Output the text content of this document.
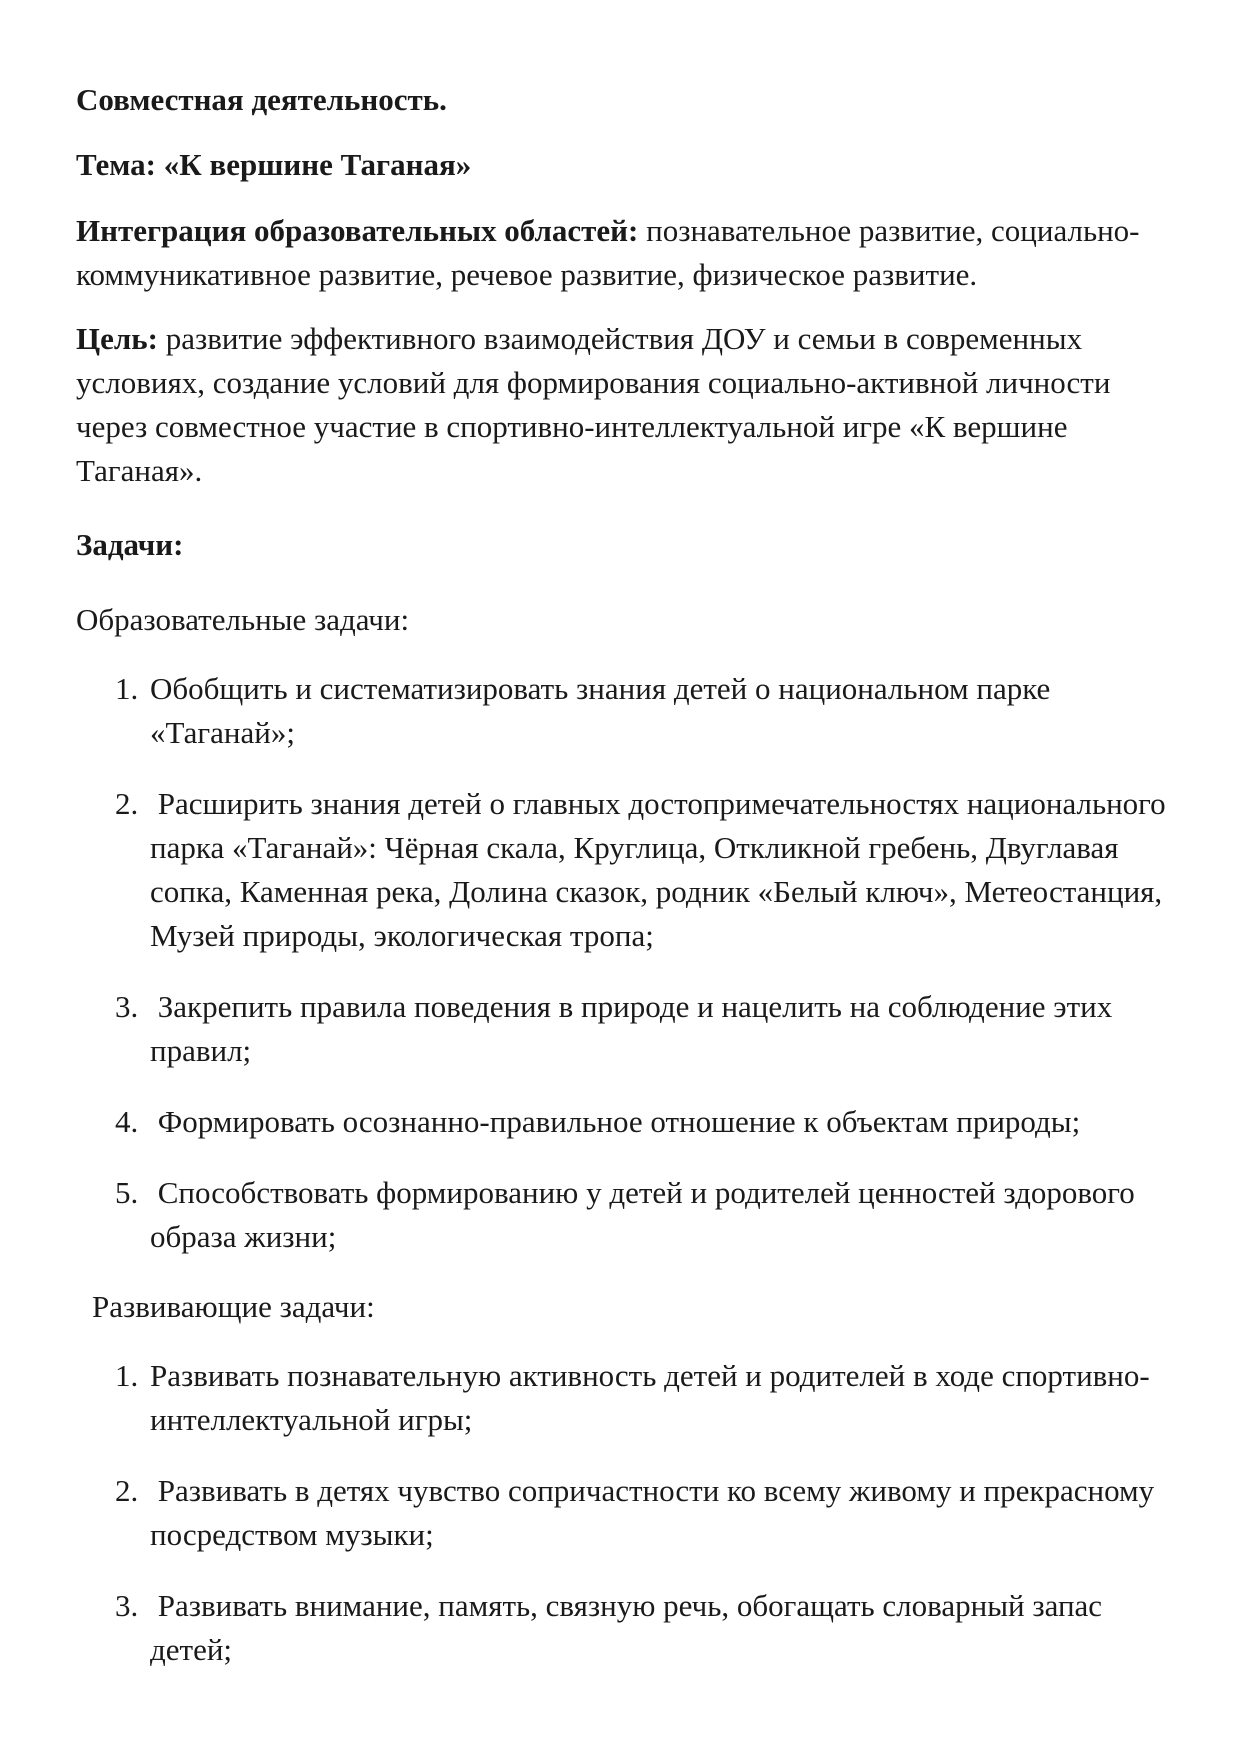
Совместная деятельность.

Тема: «К вершине Таганая»

Интеграция образовательных областей: познавательное развитие, социально-коммуникативное развитие, речевое развитие, физическое развитие.

Цель: развитие эффективного взаимодействия ДОУ и семьи в современных условиях, создание условий для формирования социально-активной личности через совместное участие в спортивно-интеллектуальной игре «К вершине Таганая».

Задачи:

Образовательные задачи:

1. Обобщить и систематизировать знания детей о национальном парке «Таганай»;
2. Расширить знания детей о главных достопримечательностях национального парка «Таганай»: Чёрная скала, Круглица, Откликной гребень, Двуглавая сопка, Каменная река, Долина сказок, родник «Белый ключ», Метеостанция, Музей природы, экологическая тропа;
3. Закрепить правила поведения в природе и нацелить на соблюдение этих правил;
4. Формировать осознанно-правильное отношение к объектам природы;
5. Способствовать формированию у детей и родителей ценностей здорового образа жизни;

Развивающие задачи:

1. Развивать познавательную активность детей и родителей в ходе спортивно-интеллектуальной игры;
2. Развивать в детях чувство сопричастности ко всему живому и прекрасному посредством музыки;
3. Развивать внимание, память, связную речь, обогащать словарный запас детей;
